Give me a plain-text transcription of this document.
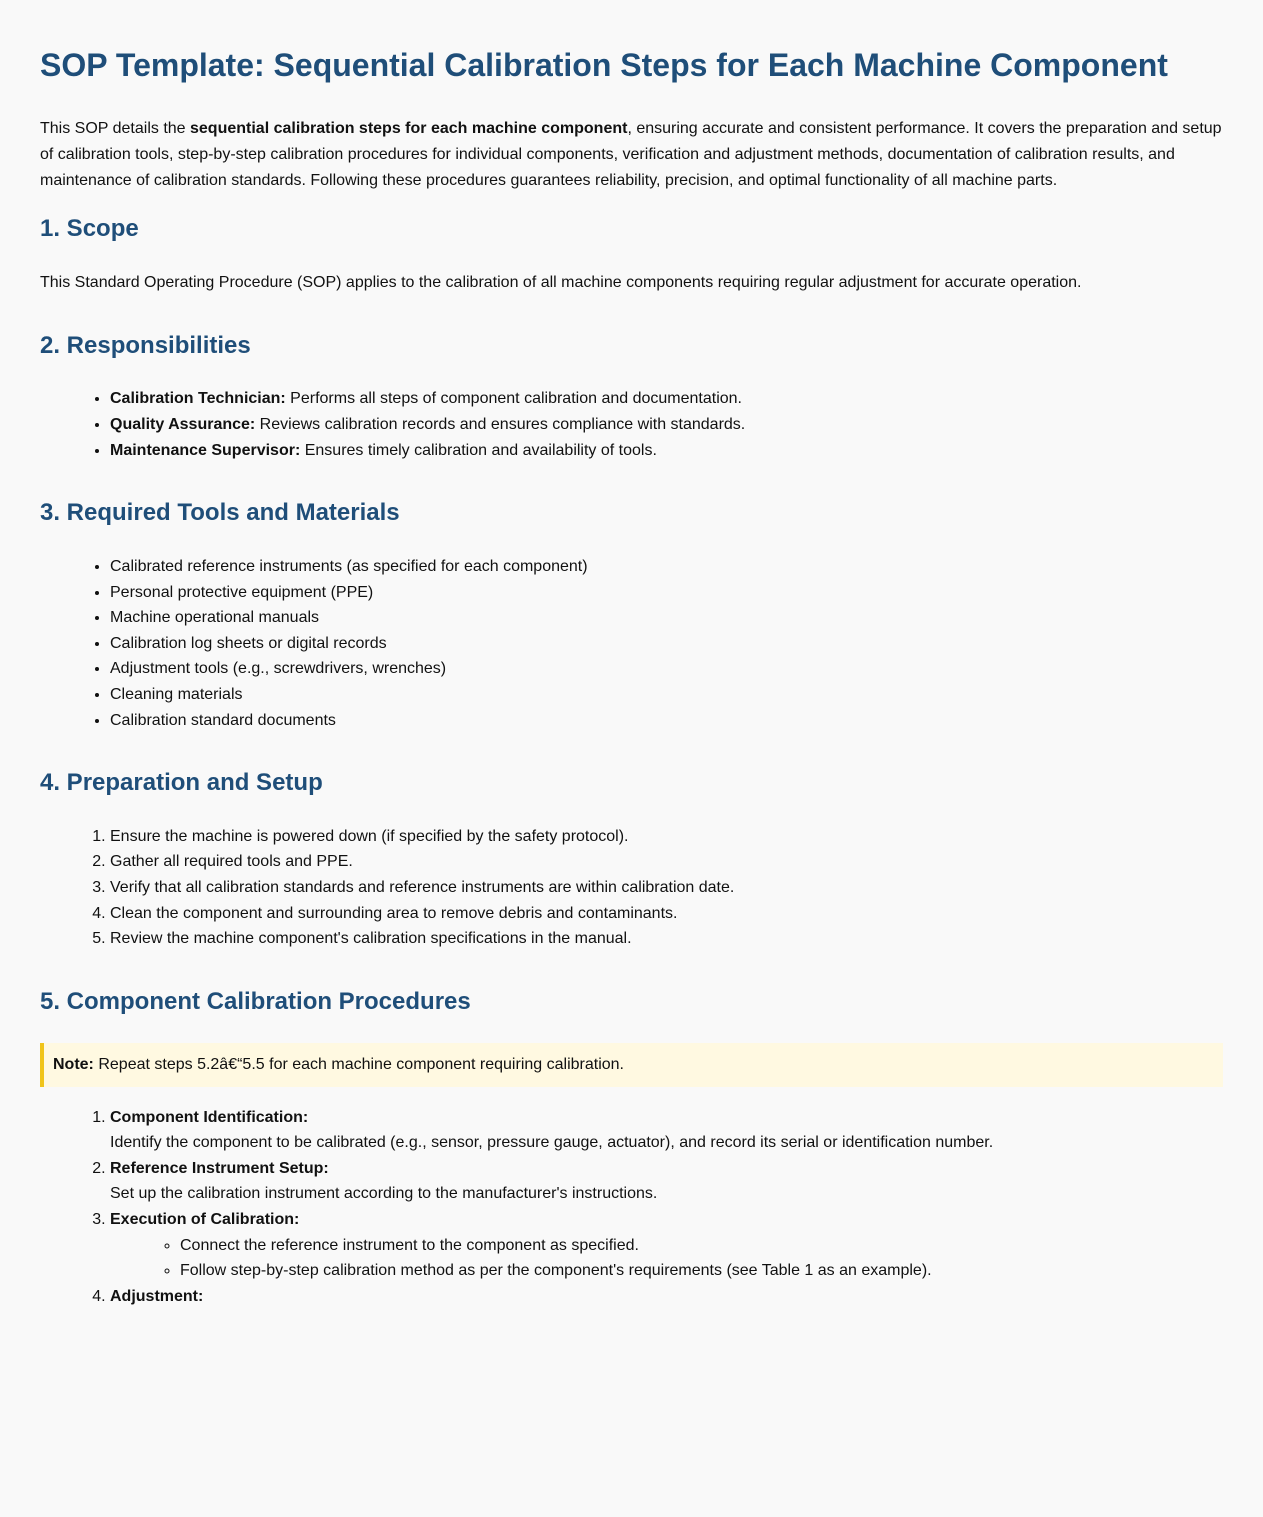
SOP Template: Sequential Calibration Steps for Each Machine Component

This SOP details the sequential calibration steps for each machine component, ensuring accurate and consistent performance. It covers the preparation and setup of calibration tools, step-by-step calibration procedures for individual components, verification and adjustment methods, documentation of calibration results, and maintenance of calibration standards. Following these procedures guarantees reliability, precision, and optimal functionality of all machine parts.

1. Scope

This Standard Operating Procedure (SOP) applies to the calibration of all machine components requiring regular adjustment for accurate operation.

2. Responsibilities
• Calibration Technician: Performs all steps of component calibration and documentation.
• Quality Assurance: Reviews calibration records and ensures compliance with standards.
• Maintenance Supervisor: Ensures timely calibration and availability of tools.
3. Required Tools and Materials
• Calibrated reference instruments (as specified for each component)
• Personal protective equipment (PPE)
• Machine operational manuals
• Calibration log sheets or digital records
• Adjustment tools (e.g., screwdrivers, wrenches)
• Cleaning materials
• Calibration standard documents
4. Preparation and Setup
1. Ensure the machine is powered down (if specified by the safety protocol).
2. Gather all required tools and PPE.
3. Verify that all calibration standards and reference instruments are within calibration date.
4. Clean the component and surrounding area to remove debris and contaminants.
5. Review the machine component's calibration specifications in the manual.
5. Component Calibration Procedures
Note: Repeat steps 5.2â€“5.5 for each machine component requiring calibration.
1. Component Identification:
Identify the component to be calibrated (e.g., sensor, pressure gauge, actuator), and record its serial or identification number.
2. Reference Instrument Setup:
Set up the calibration instrument according to the manufacturer's instructions.
3. Execution of Calibration:
◦ Connect the reference instrument to the component as specified.
◦ Follow step-by-step calibration method as per the component's requirements (see Table 1 as an example).
4. Adjustment:
